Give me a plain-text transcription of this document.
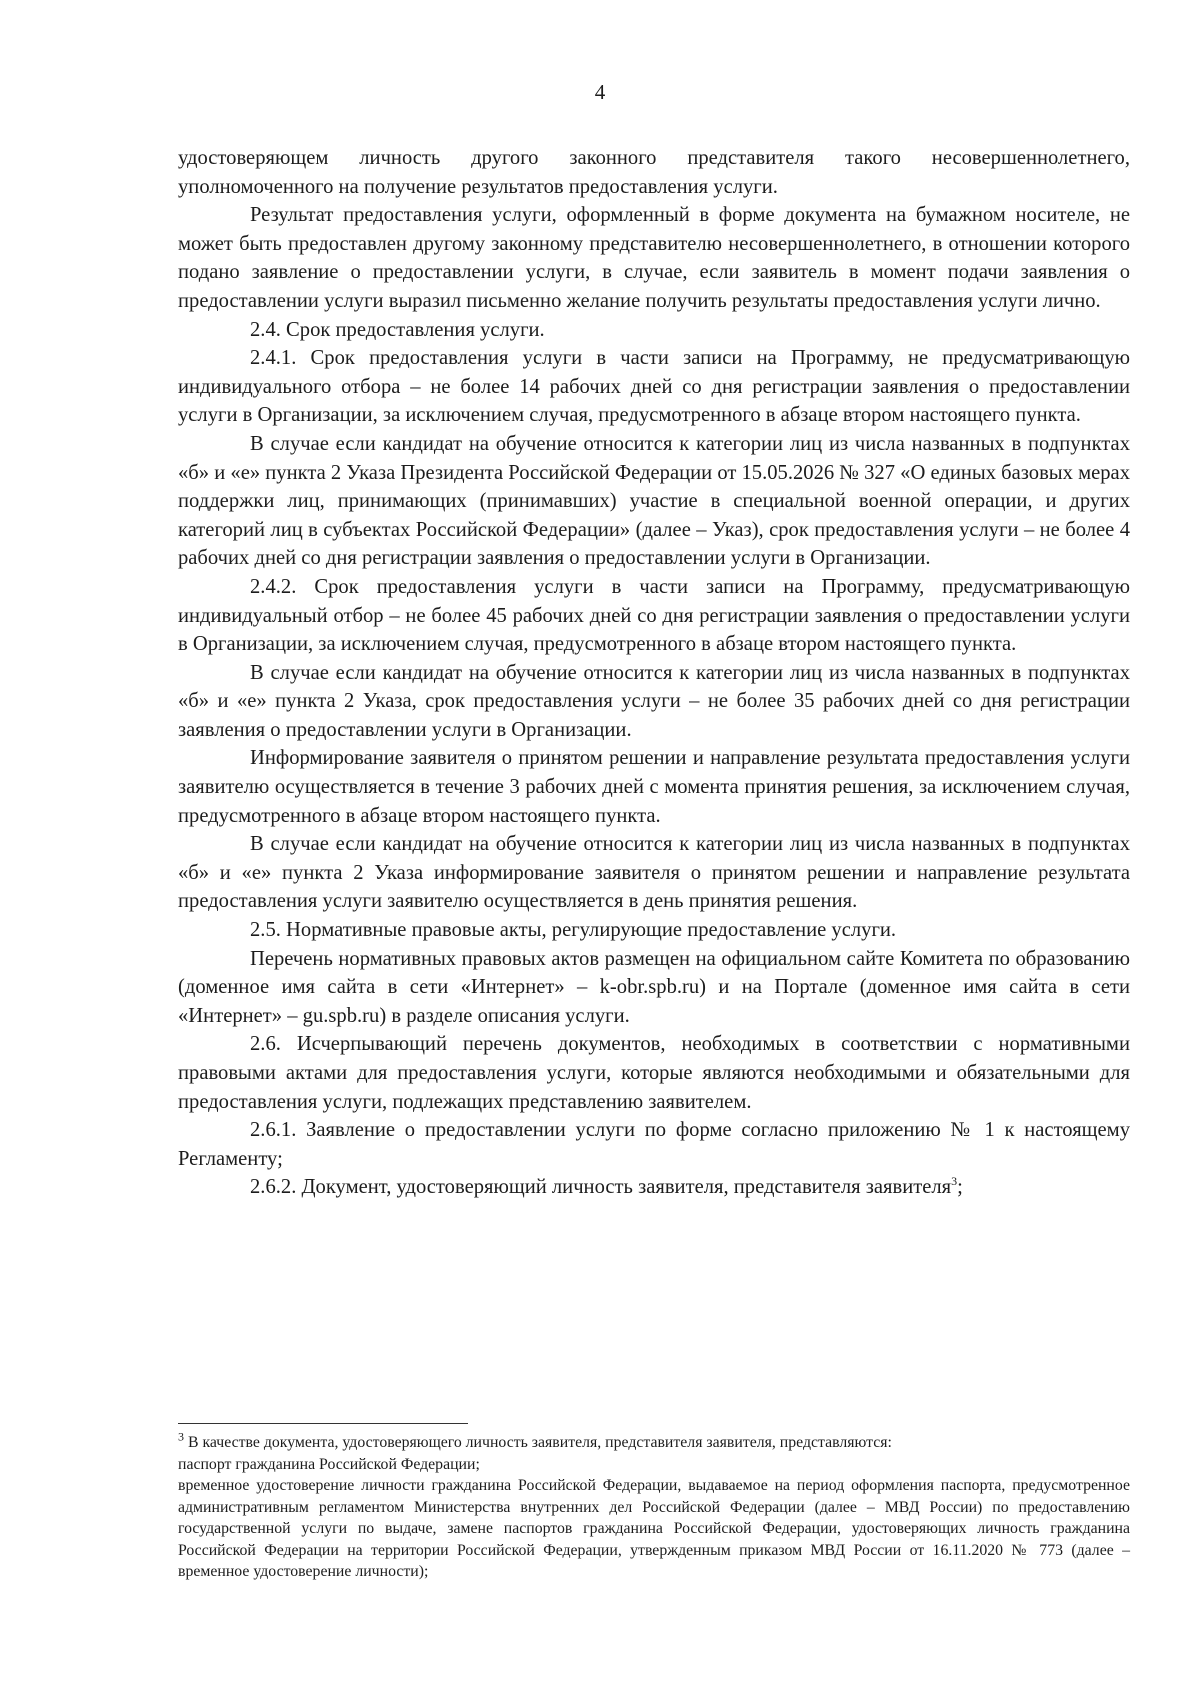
4

удостоверяющем личность другого законного представителя такого несовершеннолетнего, уполномоченного на получение результатов предоставления услуги.

Результат предоставления услуги, оформленный в форме документа на бумажном носителе, не может быть предоставлен другому законному представителю несовершеннолетнего, в отношении которого подано заявление о предоставлении услуги, в случае, если заявитель в момент подачи заявления о предоставлении услуги выразил письменно желание получить результаты предоставления услуги лично.

2.4. Срок предоставления услуги.

2.4.1. Срок предоставления услуги в части записи на Программу, не предусматривающую индивидуального отбора – не более 14 рабочих дней со дня регистрации заявления о предоставлении услуги в Организации, за исключением случая, предусмотренного в абзаце втором настоящего пункта.

В случае если кандидат на обучение относится к категории лиц из числа названных в подпунктах «б» и «е» пункта 2 Указа Президента Российской Федерации от 15.05.2026 № 327 «О единых базовых мерах поддержки лиц, принимающих (принимавших) участие в специальной военной операции, и других категорий лиц в субъектах Российской Федерации» (далее – Указ), срок предоставления услуги – не более 4 рабочих дней со дня регистрации заявления о предоставлении услуги в Организации.

2.4.2. Срок предоставления услуги в части записи на Программу, предусматривающую индивидуальный отбор – не более 45 рабочих дней со дня регистрации заявления о предоставлении услуги в Организации, за исключением случая, предусмотренного в абзаце втором настоящего пункта.

В случае если кандидат на обучение относится к категории лиц из числа названных в подпунктах «б» и «е» пункта 2 Указа, срок предоставления услуги – не более 35 рабочих дней со дня регистрации заявления о предоставлении услуги в Организации.

Информирование заявителя о принятом решении и направление результата предоставления услуги заявителю осуществляется в течение 3 рабочих дней с момента принятия решения, за исключением случая, предусмотренного в абзаце втором настоящего пункта.

В случае если кандидат на обучение относится к категории лиц из числа названных в подпунктах «б» и «е» пункта 2 Указа информирование заявителя о принятом решении и направление результата предоставления услуги заявителю осуществляется в день принятия решения.

2.5. Нормативные правовые акты, регулирующие предоставление услуги.

Перечень нормативных правовых актов размещен на официальном сайте Комитета по образованию (доменное имя сайта в сети «Интернет» – k-obr.spb.ru) и на Портале (доменное имя сайта в сети «Интернет» – gu.spb.ru) в разделе описания услуги.

2.6. Исчерпывающий перечень документов, необходимых в соответствии с нормативными правовыми актами для предоставления услуги, которые являются необходимыми и обязательными для предоставления услуги, подлежащих представлению заявителем.

2.6.1. Заявление о предоставлении услуги по форме согласно приложению № 1 к настоящему Регламенту;

2.6.2. Документ, удостоверяющий личность заявителя, представителя заявителя$^3$;

$^3$ В качестве документа, удостоверяющего личность заявителя, представителя заявителя, представляются:

паспорт гражданина Российской Федерации;

временное удостоверение личности гражданина Российской Федерации, выдаваемое на период оформления паспорта, предусмотренное административным регламентом Министерства внутренних дел Российской Федерации (далее – МВД России) по предоставлению государственной услуги по выдаче, замене паспортов гражданина Российской Федерации, удостоверяющих личность гражданина Российской Федерации на территории Российской Федерации, утвержденным приказом МВД России от 16.11.2020 № 773 (далее – временное удостоверение личности);
